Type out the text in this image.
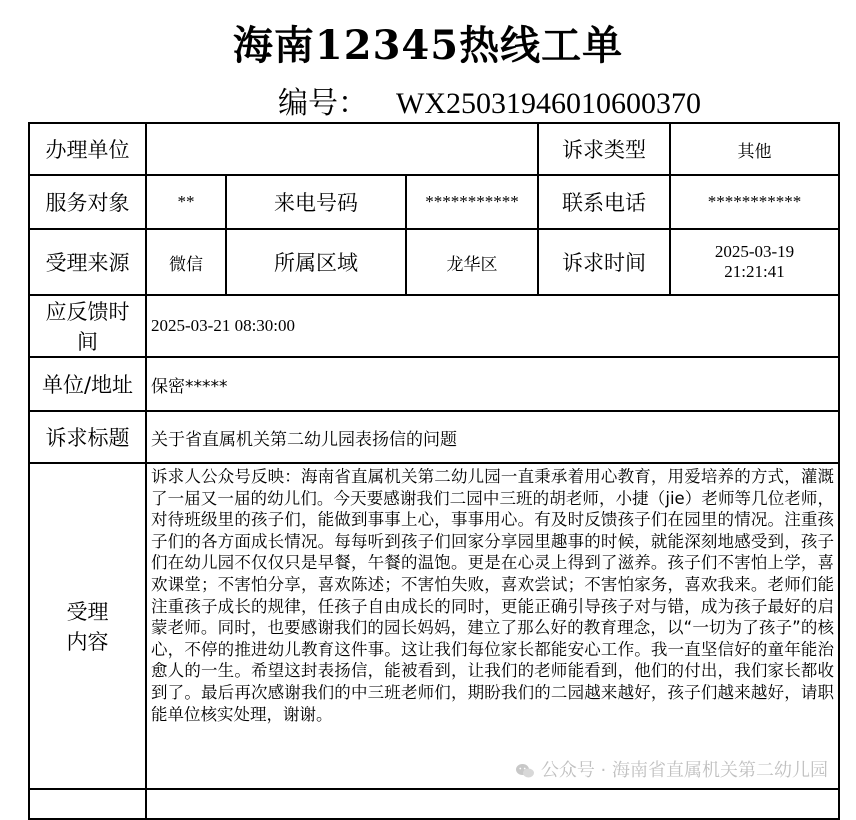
海南12345热线工单
编号： WX25031946010600370
办理单位				诉求类型	其他
服务对象	**	来电号码	***********	联系电话	***********
受理来源	微信	所属区域	龙华区	诉求时间	2025-03-19
21:21:41

应反馈时
间	2025-03-21 08:30:00				
单位/地址	保密*****				
诉求标题	关于省直属机关第二幼儿园表扬信的问题				

受理
内容	诉求人公众号反映：海南省直属机关第二幼儿园一直秉承着用心教育，用爱培养的方式，灌溉了一届又一届的幼儿们。今天要感谢我们二园中三班的胡老师，小捷（jie）老师等几位老师，对待班级里的孩子们，能做到事事上心，事事用心。有及时反馈孩子们在园里的情况。注重孩子们的各方面成长情况。每每听到孩子们回家分享园里趣事的时候，就能深刻地感受到，孩子们在幼儿园不仅仅只是早餐，午餐的温饱。更是在心灵上得到了滋养。孩子们不害怕上学，喜欢课堂；不害怕分享，喜欢陈述；不害怕失败，喜欢尝试；不害怕家务，喜欢我来。老师们能注重孩子成长的规律，任孩子自由成长的同时，更能正确引导孩子对与错，成为孩子最好的启蒙老师。同时，也要感谢我们的园长妈妈，建立了那么好的教育理念，以“一切为了孩子”的核心，不停的推进幼儿教育这件事。这让我们每位家长都能安心工作。我一直坚信好的童年能治愈人的一生。希望这封表扬信，能被看到，让我们的老师能看到，他们的付出，我们家长都收到了。最后再次感谢我们的中三班老师们，期盼我们的二园越来越好，孩子们越来越好，请职能单位核实处理，谢谢。				

公众号 · 海南省直属机关第二幼儿园
